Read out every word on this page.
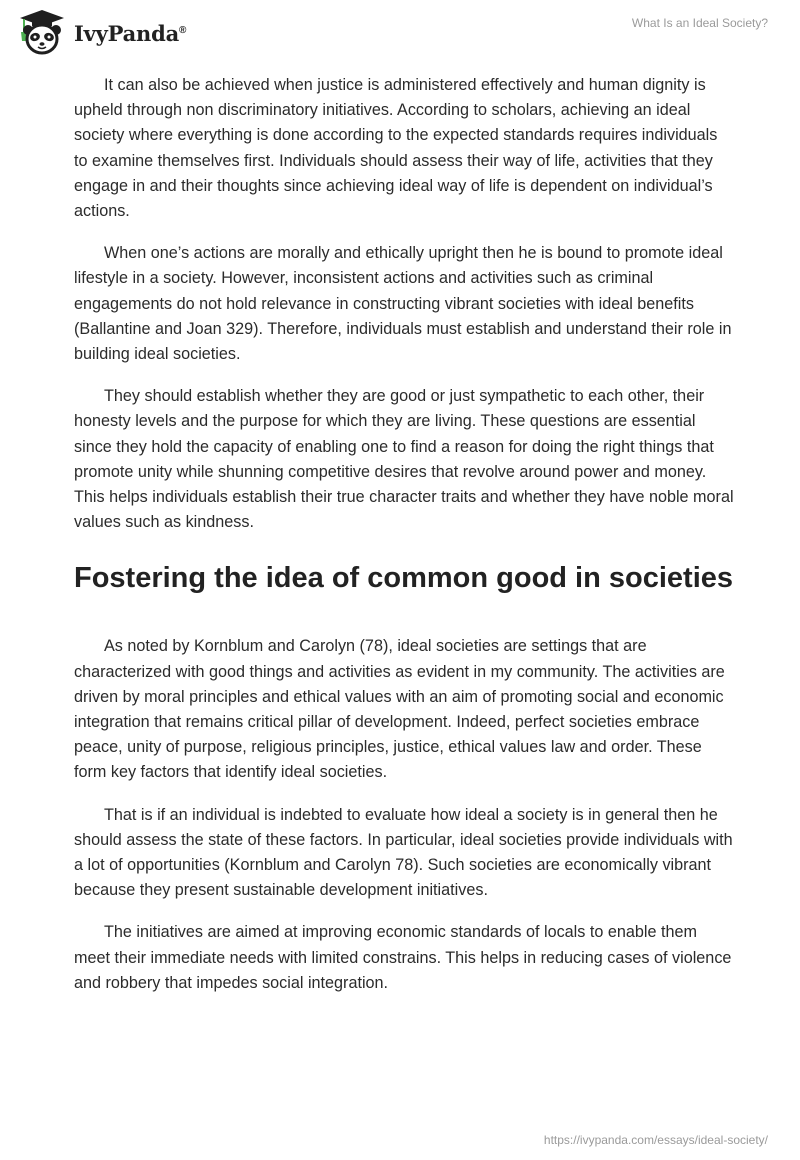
IvyPanda®	What Is an Ideal Society?

It can also be achieved when justice is administered effectively and human dignity is upheld through non discriminatory initiatives. According to scholars, achieving an ideal society where everything is done according to the expected standards requires individuals to examine themselves first. Individuals should assess their way of life, activities that they engage in and their thoughts since achieving ideal way of life is dependent on individual’s actions.

When one’s actions are morally and ethically upright then he is bound to promote ideal lifestyle in a society. However, inconsistent actions and activities such as criminal engagements do not hold relevance in constructing vibrant societies with ideal benefits (Ballantine and Joan 329). Therefore, individuals must establish and understand their role in building ideal societies.

They should establish whether they are good or just sympathetic to each other, their honesty levels and the purpose for which they are living. These questions are essential since they hold the capacity of enabling one to find a reason for doing the right things that promote unity while shunning competitive desires that revolve around power and money. This helps individuals establish their true character traits and whether they have noble moral values such as kindness.

Fostering the idea of common good in societies

As noted by Kornblum and Carolyn (78), ideal societies are settings that are characterized with good things and activities as evident in my community. The activities are driven by moral principles and ethical values with an aim of promoting social and economic integration that remains critical pillar of development. Indeed, perfect societies embrace peace, unity of purpose, religious principles, justice, ethical values law and order. These form key factors that identify ideal societies.

That is if an individual is indebted to evaluate how ideal a society is in general then he should assess the state of these factors. In particular, ideal societies provide individuals with a lot of opportunities (Kornblum and Carolyn 78). Such societies are economically vibrant because they present sustainable development initiatives.

The initiatives are aimed at improving economic standards of locals to enable them meet their immediate needs with limited constrains. This helps in reducing cases of violence and robbery that impedes social integration.

https://ivypanda.com/essays/ideal-society/
